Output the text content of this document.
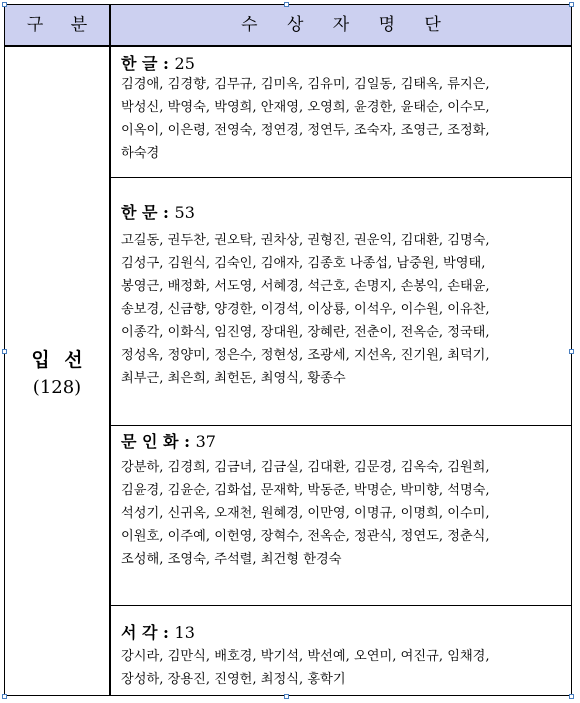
구 분	수 상 자 명 단
입 선
(128)
한 글 : 25
김경애, 김경향, 김무규, 김미옥, 김유미, 김일동, 김태옥, 류지은,
박성신, 박영숙, 박영희, 안재영, 오영희, 윤경한, 윤태순, 이수모,
이옥이, 이은령, 전영숙, 정연경, 정연두, 조숙자, 조영근, 조정화,
하숙경
한 문 : 53
고길동, 권두찬, 권오탁, 권차상, 권형진, 권운익, 김대환, 김명숙,
김성구, 김원식, 김숙인, 김애자, 김종호 나종섭, 남중원, 박영태,
봉영근, 배정화, 서도영, 서혜경, 석근호, 손명지, 손봉익, 손태윤,
송보경, 신금향, 양경한, 이경석, 이상룡, 이석우, 이수원, 이유찬,
이종각, 이화식, 임진영, 장대원, 장혜란, 전춘이, 전옥순, 정국태,
정성옥, 정양미, 정은수, 정현성, 조광세, 지선옥, 진기원, 최덕기,
최부근, 최은희, 최헌돈, 최영식, 황종수
문 인 화 : 37
강분하, 김경희, 김금녀, 김금실, 김대환, 김문경, 김옥숙, 김원희,
김윤경, 김윤순, 김화섭, 문재학, 박동준, 박명순, 박미향, 석명숙,
석성기, 신귀옥, 오재천, 원혜경, 이만영, 이명규, 이명희, 이수미,
이원호, 이주예, 이헌영, 장혁수, 전옥순, 정관식, 정연도, 정춘식,
조성해, 조영숙, 주석렬, 최건형 한경숙
서 각 : 13
강시라, 김만식, 배호경, 박기석, 박선예, 오연미, 여진규, 임채경,
장성하, 장용진, 진영헌, 최정식, 홍학기
